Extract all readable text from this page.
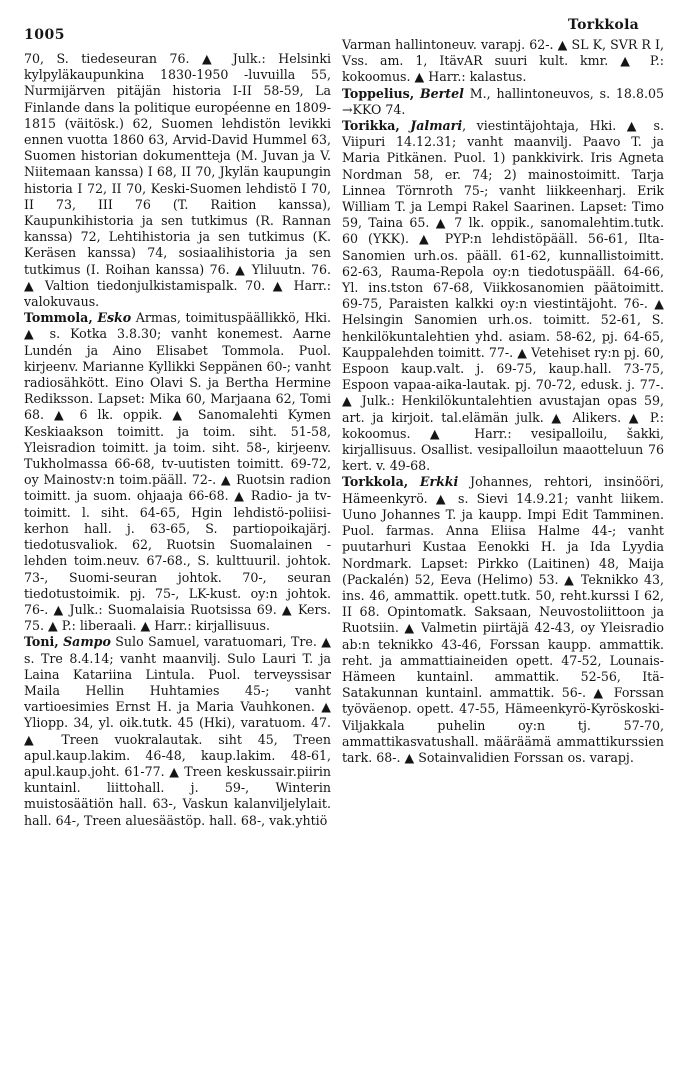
1005
Torkkola

70, S. tiedeseuran 76. ▲ Julk.: Helsinki kylpyläkaupunkina 1830-1950 -luvuilla 55, Nurmijärven pitäjän historia I-II 58-59, La Finlande dans la politique européenne en 1809-1815 (väitösk.) 62, Suomen lehdistön levikki ennen vuotta 1860 63, Arvid-David Hummel 63, Suomen historian dokumentteja (M. Juvan ja V. Niitemaan kanssa) I 68, II 70, Jkylän kaupungin historia I 72, II 70, Keski-Suomen lehdistö I 70, II 73, III 76 (T. Raition kanssa), Kaupunkihistoria ja sen tutkimus (R. Rannan kanssa) 72, Lehtihistoria ja sen tutkimus (K. Keräsen kanssa) 74, sosiaalihistoria ja sen tutkimus (I. Roihan kanssa) 76. ▲ Yliluutn. 76. ▲ Valtion tiedonjulkistamispalk. 70. ▲ Harr.: valokuvaus.

Tommola, Esko Armas, toimituspäällikkö, Hki. ▲ s. Kotka 3.8.30; vanht konemest. Aarne Lundén ja Aino Elisabet Tommola. Puol. kirjeenv. Marianne Kyllikki Seppänen 60-; vanht radiosähkött. Eino Olavi S. ja Bertha Hermine Rediksson. Lapset: Mika 60, Marjaana 62, Tomi 68. ▲ 6 lk. oppik. ▲ Sanomalehti Kymen Keskiaakson toimitt. ja toim. siht. 51-58, Yleisradion toimitt. ja toim. siht. 58-, kirjeenv. Tukholmassa 66-68, tv-uutisten toimitt. 69-72, oy Mainostv:n toim.pääll. 72-. ▲ Ruotsin radion toimitt. ja suom. ohjaaja 66-68. ▲ Radio- ja tv-toimitt. l. siht. 64-65, Hgin lehdistö-poliisi-kerhon hall. j. 63-65, S. partiopoikajärj. tiedotusvaliok. 62, Ruotsin Suomalainen -lehden toim.neuv. 67-68., S. kulttuuril. johtok. 73-, Suomi-seuran johtok. 70-, seuran tiedotustoimik. pj. 75-, LK-kust. oy:n johtok. 76-. ▲ Julk.: Suomalaisia Ruotsissa 69. ▲ Kers. 75. ▲ P.: liberaali. ▲ Harr.: kirjallisuus.

Toni, Sampo Sulo Samuel, varatuomari, Tre. ▲ s. Tre 8.4.14; vanht maanvilj. Sulo Lauri T. ja Laina Katariina Lintula. Puol. terveyssisar Maila Hellin Huhtamies 45-; vanht vartioesimies Ernst H. ja Maria Vauhkonen. ▲ Yliopp. 34, yl. oik.tutk. 45 (Hki), varatuom. 47. ▲ Treen vuokralautak. siht 45, Treen apul.kaup.lakim. 46-48, kaup.lakim. 48-61, apul.kaup.joht. 61-77. ▲ Treen keskussair.piirin kuntainl. liittohall. j. 59-, Winterin muistosäätiön hall. 63-, Vaskun kalanviljelylait. hall. 64-, Treen aluesäästöp. hall. 68-, vak.yhtiö

Varman hallintoneuv. varapj. 62-. ▲ SL K, SVR R I, Vss. am. 1, ItävAR suuri kult. kmr. ▲ P.: kokoomus. ▲ Harr.: kalastus.

Toppelius, Bertel M., hallintoneuvos, s. 18.8.05 →KKO 74.

Torikka, Jalmari, viestintäjohtaja, Hki. ▲ s. Viipuri 14.12.31; vanht maanvilj. Paavo T. ja Maria Pitkänen. Puol. 1) pankkivirk. Iris Agneta Nordman 58, er. 74; 2) mainostoimitt. Tarja Linnea Törnroth 75-; vanht liikkeenharj. Erik William T. ja Lempi Rakel Saarinen. Lapset: Timo 59, Taina 65. ▲ 7 lk. oppik., sanomalehtim.tutk. 60 (YKK). ▲ PYP:n lehdistöpääll. 56-61, Ilta-Sanomien urh.os. pääll. 61-62, kunnallistoimitt. 62-63, Rauma-Repola oy:n tiedotuspääll. 64-66, Yl. ins.tston 67-68, Viikkosanomien päätoimitt. 69-75, Paraisten kalkki oy:n viestintäjoht. 76-. ▲ Helsingin Sanomien urh.os. toimitt. 52-61, S. henkilökuntalehtien yhd. asiam. 58-62, pj. 64-65, Kauppalehden toimitt. 77-. ▲ Vetehiset ry:n pj. 60, Espoon kaup.valt. j. 69-75, kaup.hall. 73-75, Espoon vapaa-aika-lautak. pj. 70-72, edusk. j. 77-. ▲ Julk.: Henkilökuntalehtien avustajan opas 59, art. ja kirjoit. tal.elämän julk. ▲ Alikers. ▲ P.: kokoomus. ▲ Harr.: vesipalloilu, šakki, kirjallisuus. Osallist. vesipalloilun maaotteluun 76 kert. v. 49-68.

Torkkola, Erkki Johannes, rehtori, insinööri, Hämeenkyrö. ▲ s. Sievi 14.9.21; vanht liikem. Uuno Johannes T. ja kaupp. Impi Edit Tamminen. Puol. farmas. Anna Eliisa Halme 44-; vanht puutarhuri Kustaa Eenokki H. ja Ida Lyydia Nordmark. Lapset: Pirkko (Laitinen) 48, Maija (Packalén) 52, Eeva (Helimo) 53. ▲ Teknikko 43, ins. 46, ammattik. opett.tutk. 50, reht.kurssi I 62, II 68. Opintomatk. Saksaan, Neuvostoliittoon ja Ruotsiin. ▲ Valmetin piirtäjä 42-43, oy Yleisradio ab:n teknikko 43-46, Forssan kaupp. ammattik. reht. ja ammattiaineiden opett. 47-52, Lounais-Hämeen kuntainl. ammattik. 52-56, Itä-Satakunnan kuntainl. ammattik. 56-. ▲ Forssan työväenop. opett. 47-55, Hämeenkyrö-Kyröskoski-Viljakkala puhelin oy:n tj. 57-70, ammattikasvatushall. määräämä ammattikurssien tark. 68-. ▲ Sotainvalidien Forssan os. varapj.
